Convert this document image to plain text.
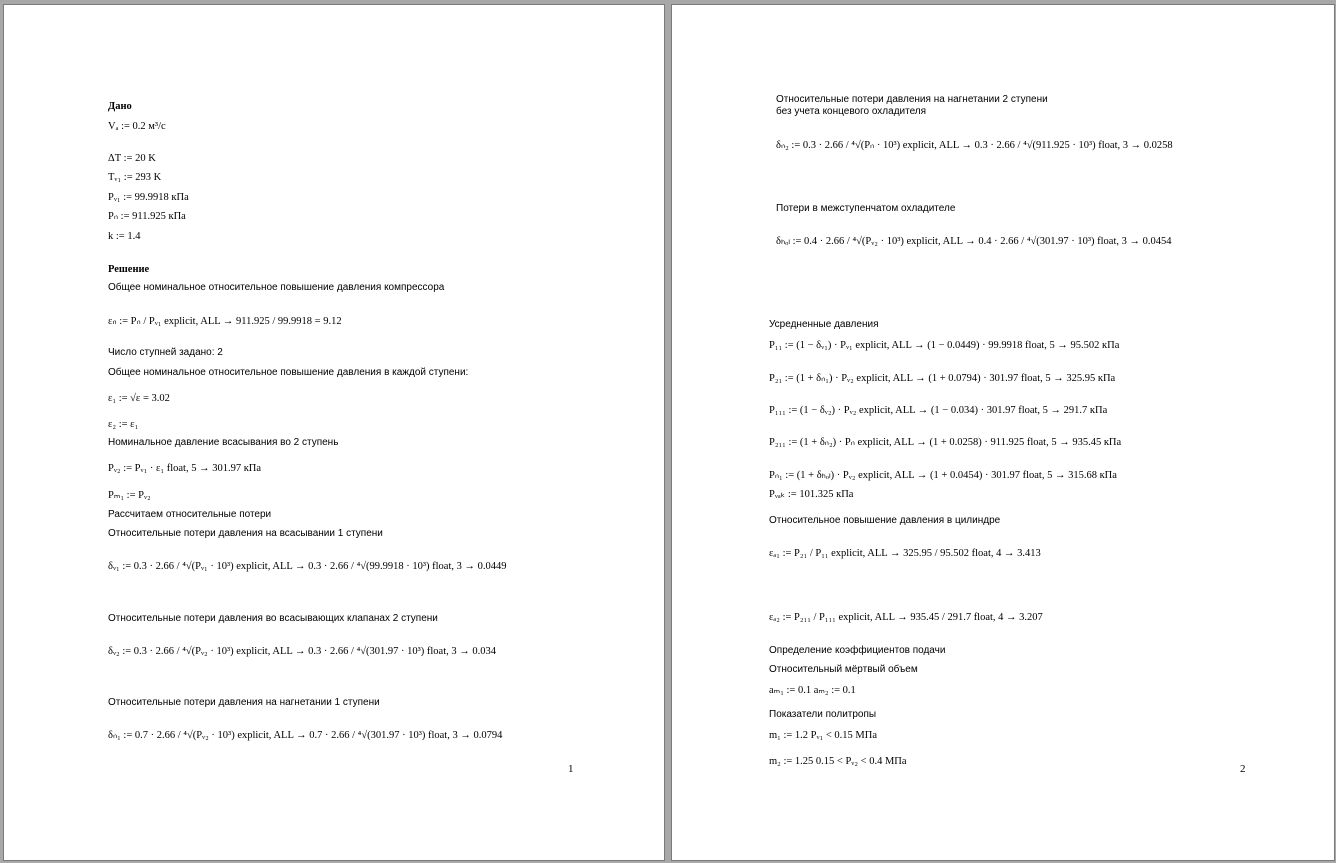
Дано
Vₐ := 0.2 м³/с
ΔT := 20 K
Tᵥ₁ := 293 K
Pᵥ₁ := 99.9918 кПа
Pₙ := 911.925 кПа
k := 1.4
Решение
Общее номинальное относительное повышение давления компрессора
εₙ := Pₙ / Pᵥ₁ explicit, ALL → 911.925 / 99.9918 = 9.12
Число ступней задано: 2
Общее номинальное относительное повышение давления в каждой ступени:
ε₁ := √ε = 3.02
ε₂ := ε₁
Номинальное давление всасывания во 2 ступень
Pᵥ₂ := Pᵥ₁ · ε₁ float, 5 → 301.97 кПа
Pₘ₁ := Pᵥ₂
Рассчитаем относительные потери
Относительные потери давления на всасывании 1 ступени
δᵥ₁ := 0.3 · 2.66 / ⁴√(Pᵥ₁ · 10³) explicit, ALL → 0.3 · 2.66 / ⁴√(99.9918 · 10³) float, 3 → 0.0449
Относительные потери давления во всасывающих клапанах 2 ступени
δᵥ₂ := 0.3 · 2.66 / ⁴√(Pᵥ₂ · 10³) explicit, ALL → 0.3 · 2.66 / ⁴√(301.97 · 10³) float, 3 → 0.034
Относительные потери давления на нагнетании 1 ступени
δₙ₁ := 0.7 · 2.66 / ⁴√(Pᵥ₂ · 10³) explicit, ALL → 0.7 · 2.66 / ⁴√(301.97 · 10³) float, 3 → 0.0794
1
Относительные потери давления на нагнетании 2 ступени
без учета концевого охладителя
δₙ₂ := 0.3 · 2.66 / ⁴√(Pₙ · 10³) explicit, ALL → 0.3 · 2.66 / ⁴√(911.925 · 10³) float, 3 → 0.0258
Потери в межступенчатом охладителе
δₕₒₗ := 0.4 · 2.66 / ⁴√(Pᵥ₂ · 10³) explicit, ALL → 0.4 · 2.66 / ⁴√(301.97 · 10³) float, 3 → 0.0454
Усредненные давления
P₁₁ := (1 − δᵥ₁) · Pᵥ₁ explicit, ALL → (1 − 0.0449) · 99.9918 float, 5 → 95.502 кПа
P₂₁ := (1 + δₙ₁) · Pᵥ₂ explicit, ALL → (1 + 0.0794) · 301.97 float, 5 → 325.95 кПа
P₁₁₁ := (1 − δᵥ₂) · Pᵥ₂ explicit, ALL → (1 − 0.034) · 301.97 float, 5 → 291.7 кПа
P₂₁₁ := (1 + δₙ₂) · Pₙ explicit, ALL → (1 + 0.0258) · 911.925 float, 5 → 935.45 кПа
Pₙ₁ := (1 + δₕₒₗ) · Pᵥ₂ explicit, ALL → (1 + 0.0454) · 301.97 float, 5 → 315.68 кПа
Pᵥₐₖ := 101.325 кПа
Относительное повышение давления в цилиндре
εₐ₁ := P₂₁ / P₁₁ explicit, ALL → 325.95 / 95.502 float, 4 → 3.413
εₐ₂ := P₂₁₁ / P₁₁₁ explicit, ALL → 935.45 / 291.7 float, 4 → 3.207
Определение коэффициентов подачи
Относительный мёртвый объем
aₘ₁ := 0.1 aₘ₂ := 0.1
Показатели политропы
m₁ := 1.2 Pᵥ₁ < 0.15 МПа
m₂ := 1.25 0.15 < Pᵥ₂ < 0.4 МПа
2
